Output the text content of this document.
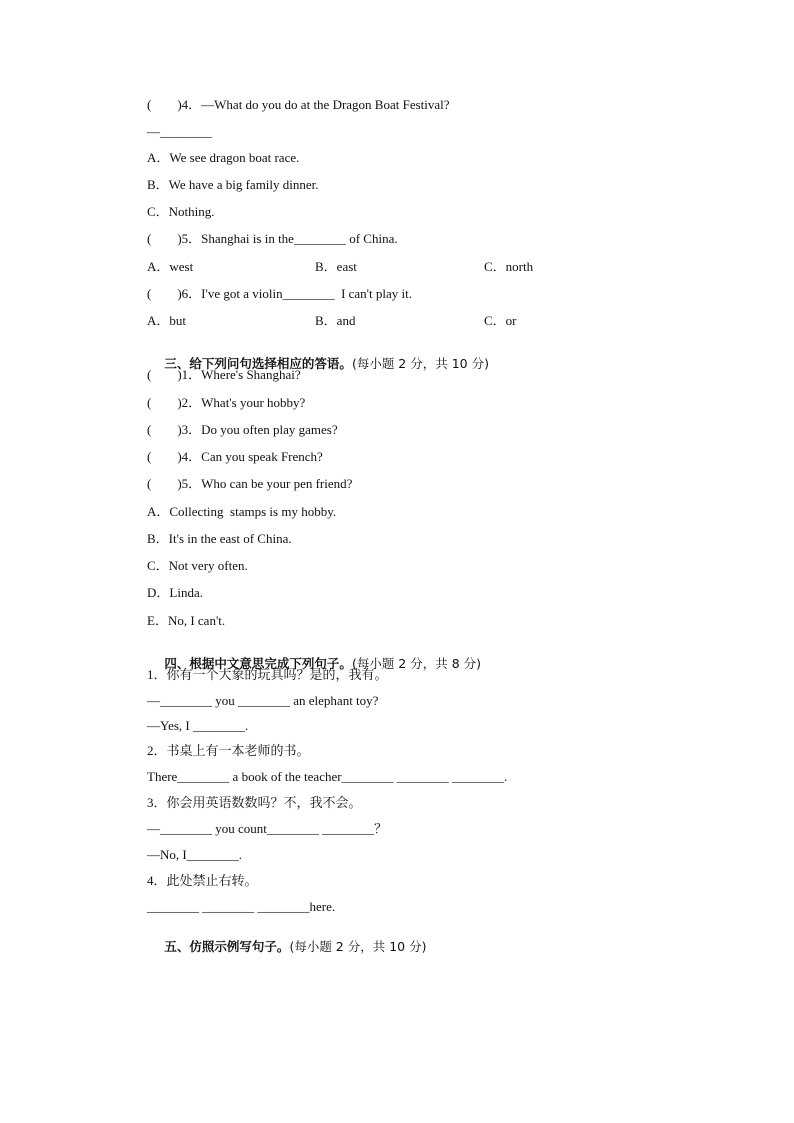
(　　)4．—What do you do at the Dragon Boat Festival?
—________
A．We see dragon boat race.
B．We have a big family dinner.
C．Nothing.
(　　)5．Shanghai is in the________ of China.
A．west	B．east	C．north
(　　)6．I've got a violin________  I can't play it.
A．but	B．and	C．or

三、给下列问句选择相应的答语。(每小题 2 分，共 10 分)

(　　)1．Where's Shanghai?
(　　)2．What's your hobby?
(　　)3．Do you often play games?
(　　)4．Can you speak French?
(　　)5．Who can be your pen friend?
A．Collecting  stamps is my hobby.
B．It's in the east of China.
C．Not very often.
D．Linda.
E．No, I can't.

四、根据中文意思完成下列句子。(每小题 2 分，共 8 分)

1．你有一个大象的玩具吗？是的，我有。
—________ you ________ an elephant toy?
—Yes, I ________.
2．书桌上有一本老师的书。
There________ a book of the teacher________ ________ ________.
3．你会用英语数数吗？不，我不会。
—________ you count________ ________？
—No, I________.
4．此处禁止右转。
________ ________ ________here.

五、仿照示例写句子。(每小题 2 分，共 10 分)
